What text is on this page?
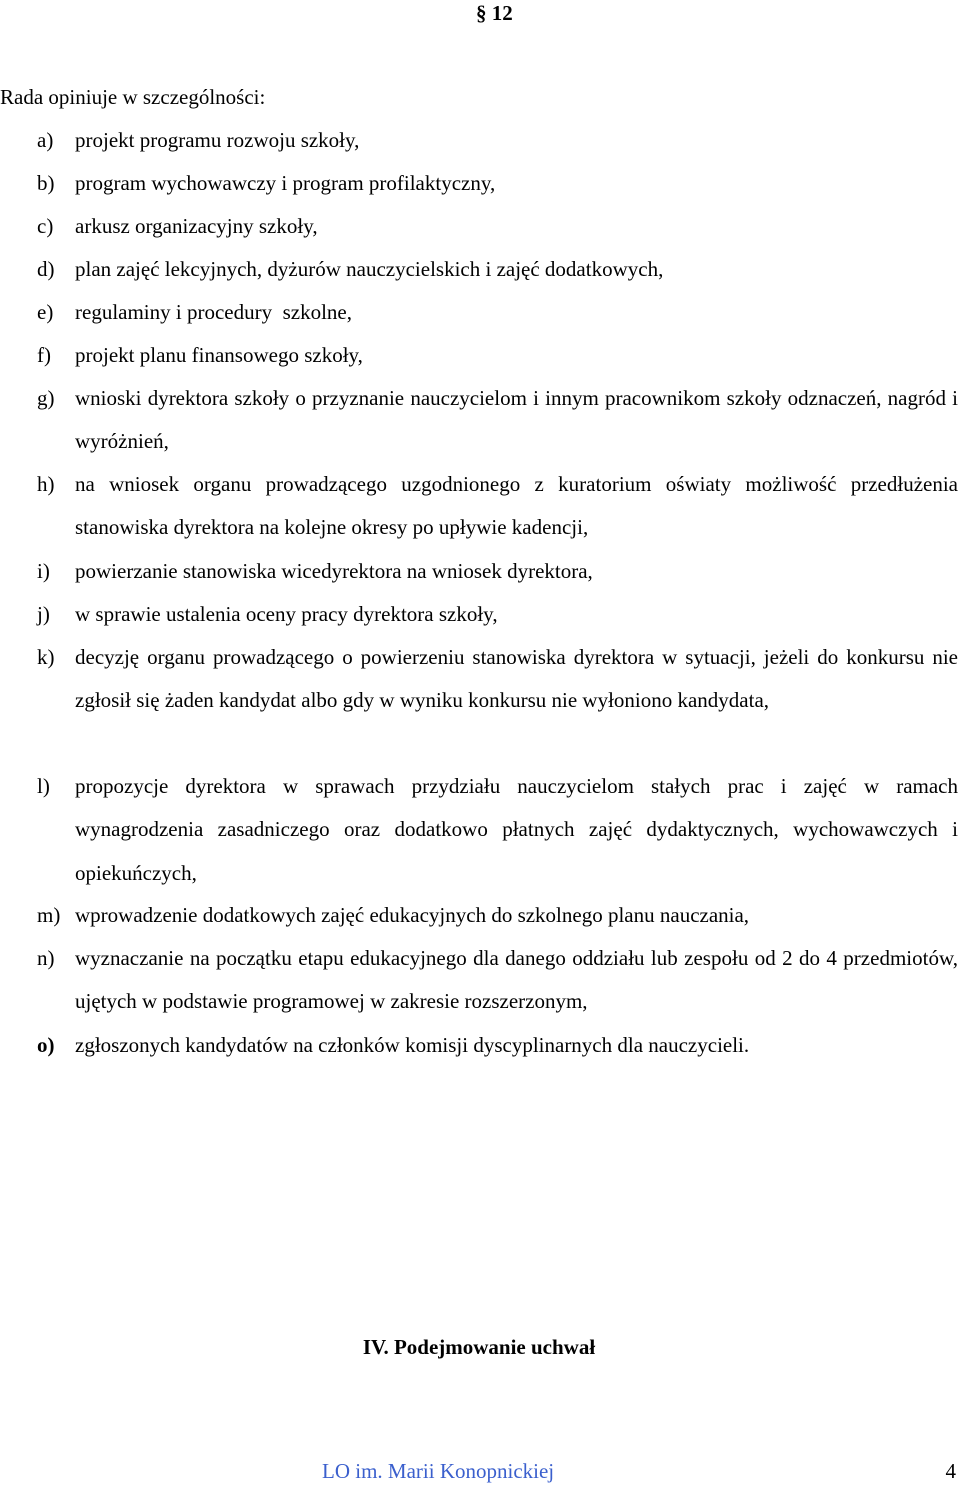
§ 12
Rada opiniuje w szczególności:
a) projekt programu rozwoju szkoły,
b) program wychowawczy i program profilaktyczny,
c) arkusz organizacyjny szkoły,
d) plan zajęć lekcyjnych, dyżurów nauczycielskich i zajęć dodatkowych,
e) regulaminy i procedury  szkolne,
f) projekt planu finansowego szkoły,
g) wnioski dyrektora szkoły o przyznanie nauczycielom i innym pracownikom szkoły odznaczeń, nagród i wyróżnień,
h) na wniosek organu prowadzącego uzgodnionego z kuratorium oświaty możliwość przedłużenia stanowiska dyrektora na kolejne okresy po upływie kadencji,
i) powierzanie stanowiska wicedyrektora na wniosek dyrektora,
j) w sprawie ustalenia oceny pracy dyrektora szkoły,
k) decyzję organu prowadzącego o powierzeniu stanowiska dyrektora w sytuacji, jeżeli do konkursu nie zgłosił się żaden kandydat albo gdy w wyniku konkursu nie wyłoniono kandydata,
l) propozycje dyrektora w sprawach przydziału nauczycielom stałych prac i zajęć w ramach wynagrodzenia zasadniczego oraz dodatkowo płatnych zajęć dydaktycznych, wychowawczych i opiekuńczych,
m) wprowadzenie dodatkowych zajęć edukacyjnych do szkolnego planu nauczania,
n) wyznaczanie na początku etapu edukacyjnego dla danego oddziału lub zespołu od 2 do 4 przedmiotów, ujętych w podstawie programowej w zakresie rozszerzonym,
o) zgłoszonych kandydatów na członków komisji dyscyplinarnych dla nauczycieli.
IV. Podejmowanie uchwał
LO im. Marii Konopnickiej	4
